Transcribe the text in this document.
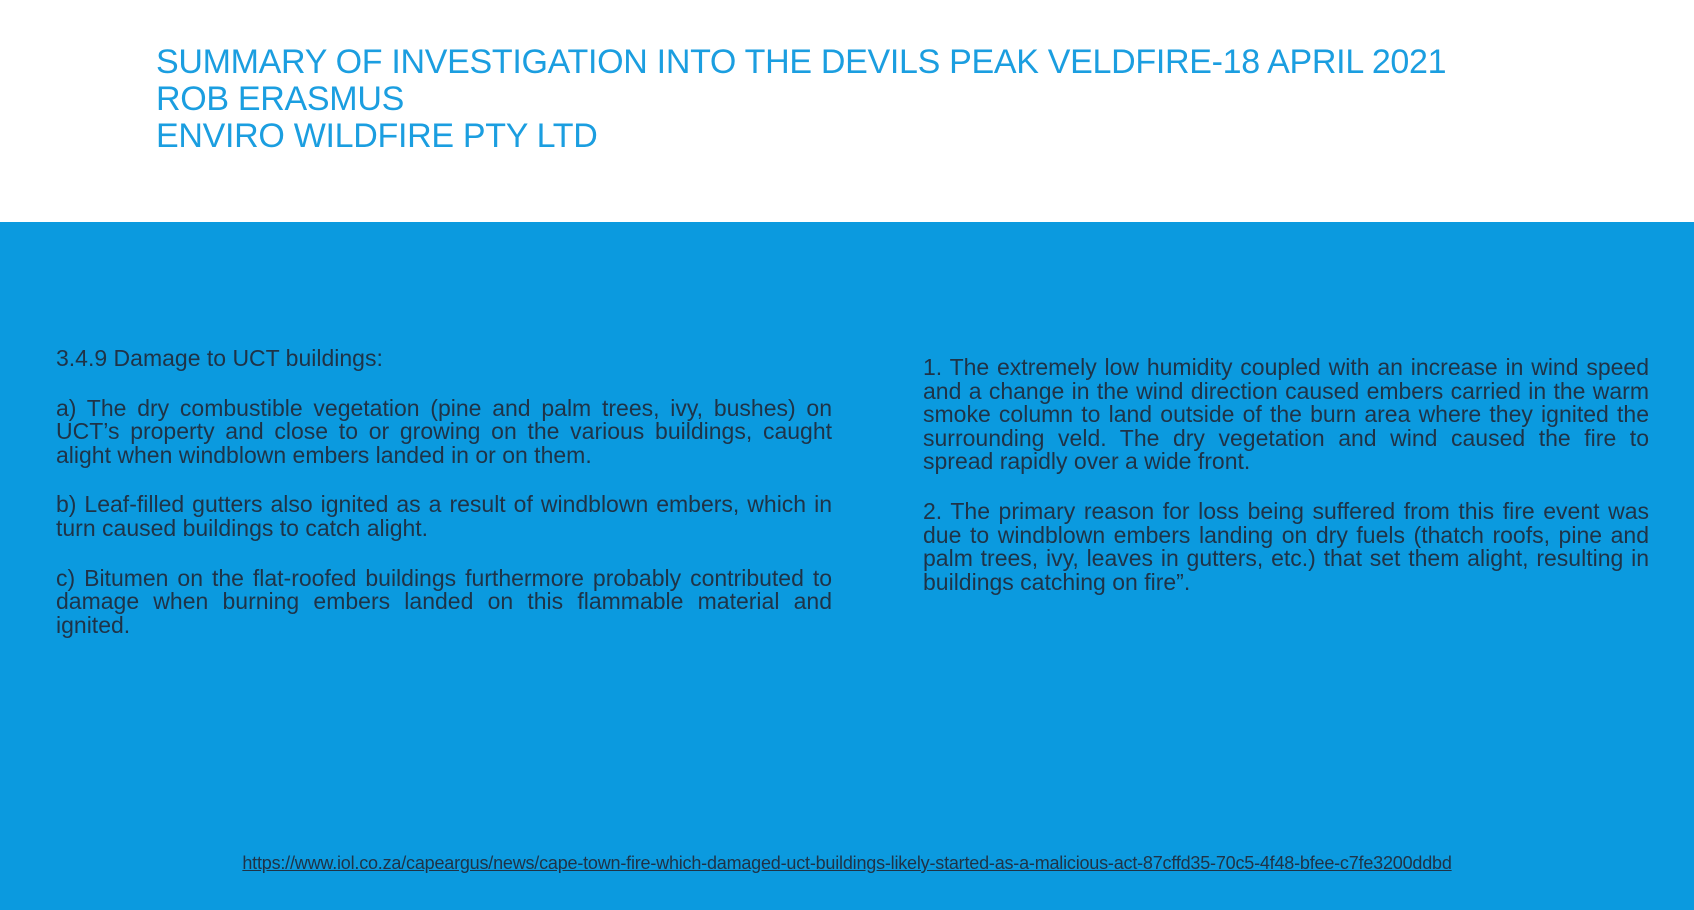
SUMMARY OF INVESTIGATION INTO THE DEVILS PEAK VELDFIRE-18 APRIL 2021
ROB ERASMUS
ENVIRO WILDFIRE PTY LTD

3.4.9 Damage to UCT buildings:

a) The dry combustible vegetation (pine and palm trees, ivy, bushes) on UCT’s property and close to or growing on the various buildings, caught alight when windblown embers landed in or on them.

b) Leaf-filled gutters also ignited as a result of windblown embers, which in turn caused buildings to catch alight.

c) Bitumen on the flat-roofed buildings furthermore probably contributed to damage when burning embers landed on this flammable material and ignited.

1. The extremely low humidity coupled with an increase in wind speed and a change in the wind direction caused embers carried in the warm smoke column to land outside of the burn area where they ignited the surrounding veld. The dry vegetation and wind caused the fire to spread rapidly over a wide front.

2. The primary reason for loss being suffered from this fire event was due to windblown embers landing on dry fuels (thatch roofs, pine and palm trees, ivy, leaves in gutters, etc.) that set them alight, resulting in buildings catching on fire”.

https://www.iol.co.za/capeargus/news/cape-town-fire-which-damaged-uct-buildings-likely-started-as-a-malicious-act-87cffd35-70c5-4f48-bfee-c7fe3200ddbd
